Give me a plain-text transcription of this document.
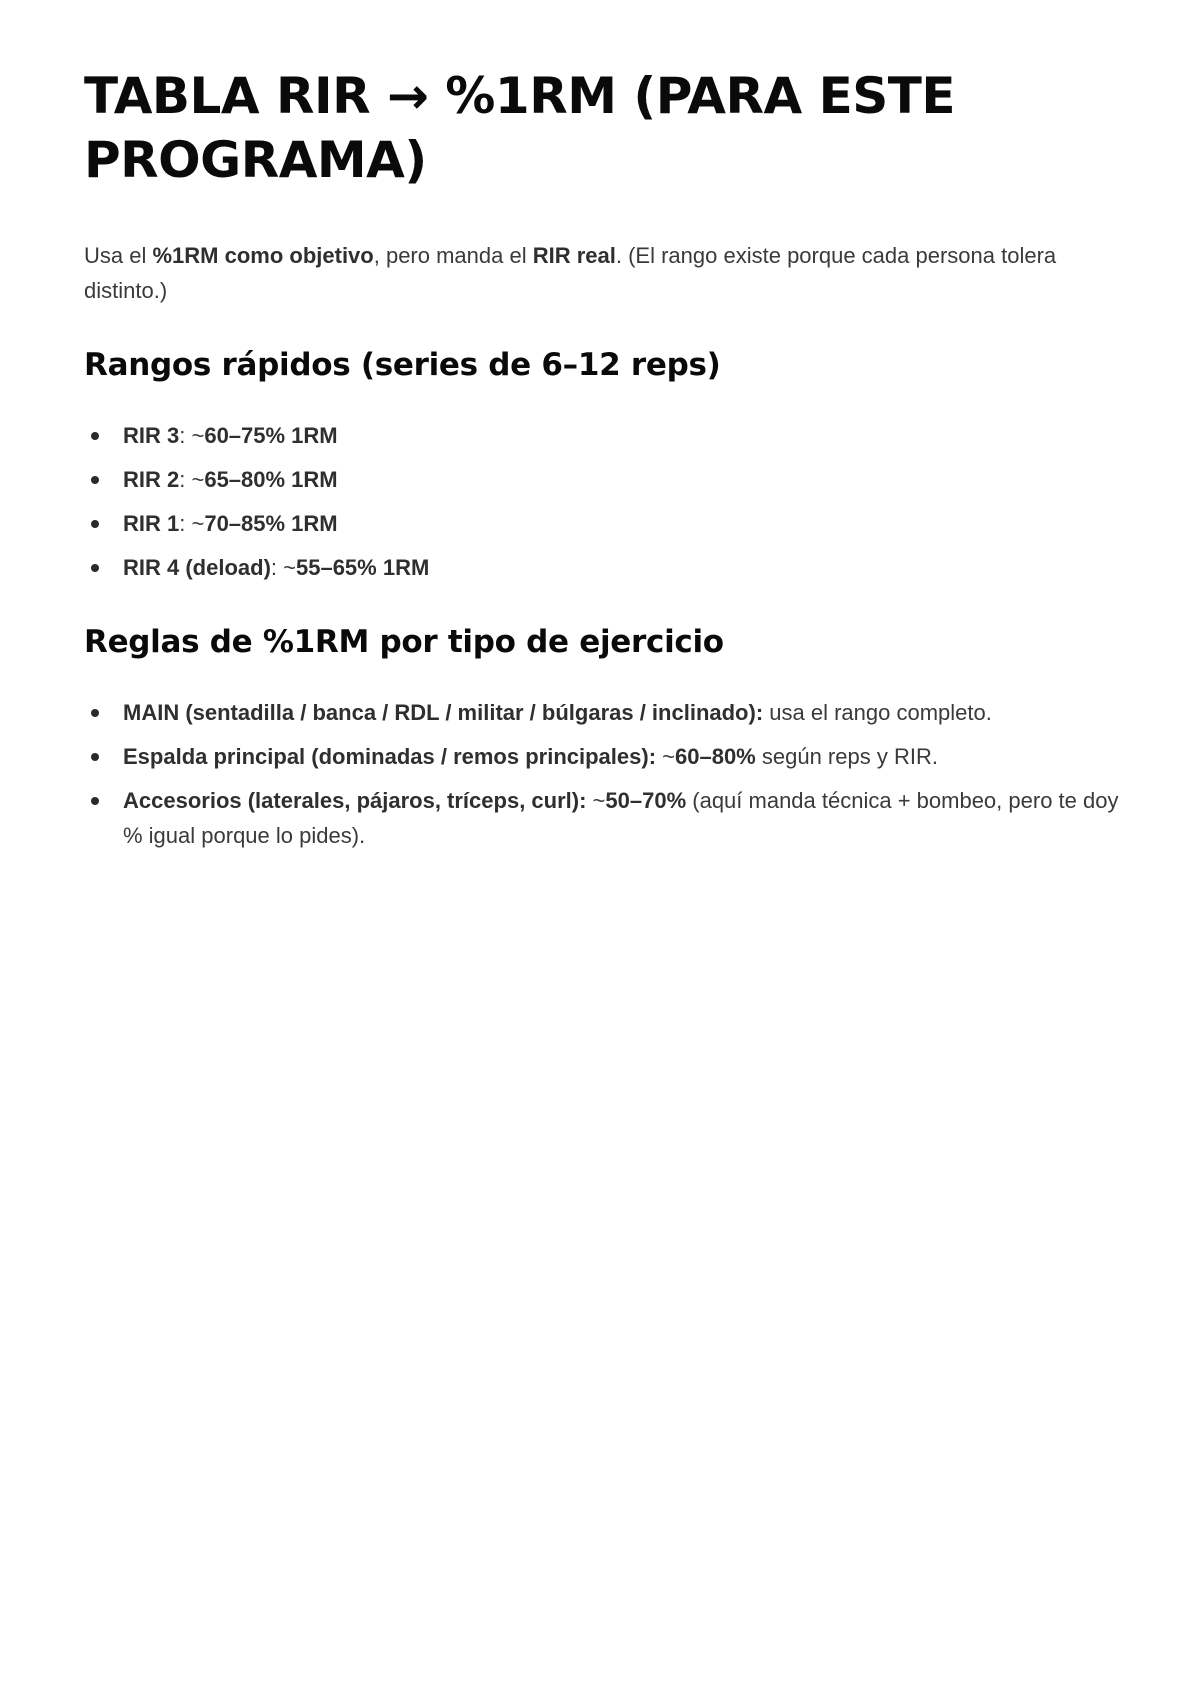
TABLA RIR → %1RM (PARA ESTE PROGRAMA)

Usa el %1RM como objetivo, pero manda el RIR real. (El rango existe porque cada persona tolera distinto.)

Rangos rápidos (series de 6–12 reps)
RIR 3: ~60–75% 1RM
RIR 2: ~65–80% 1RM
RIR 1: ~70–85% 1RM
RIR 4 (deload): ~55–65% 1RM
Reglas de %1RM por tipo de ejercicio
MAIN (sentadilla / banca / RDL / militar / búlgaras / inclinado): usa el rango completo.
Espalda principal (dominadas / remos principales): ~60–80% según reps y RIR.
Accesorios (laterales, pájaros, tríceps, curl): ~50–70% (aquí manda técnica + bombeo, pero te doy % igual porque lo pides).
